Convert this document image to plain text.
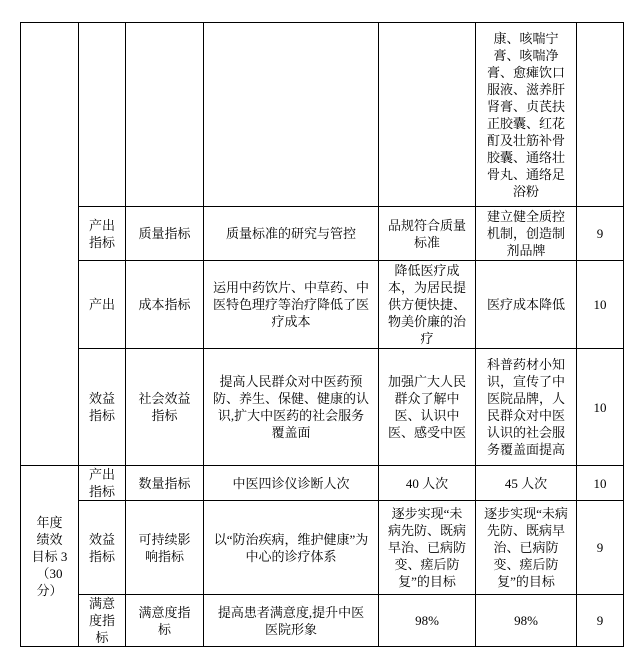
					康、咳喘宁膏、咳喘净膏、愈瘫饮口服液、滋养肝肾膏、贞芪扶正胶囊、红花酊及壮筋补骨胶囊、通络壮骨丸、通络足浴粉	
	产出指标	质量指标	质量标准的研究与管控	品规符合质量标准	建立健全质控机制，创造制剂品牌	9
	产出	成本指标	运用中药饮片、中草药、中医特色理疗等治疗降低了医疗成本	降低医疗成本，为居民提供方便快捷、物美价廉的治疗	医疗成本降低	10
	效益指标	社会效益指标	提高人民群众对中医药预防、养生、保健、健康的认识,扩大中医药的社会服务覆盖面	加强广大人民群众了解中医、认识中医、感受中医	科普药材小知识，宣传了中医院品牌，人民群众对中医认识的社会服务覆盖面提高	10
年度绩效目标 3（30分）	产出指标	数量指标	中医四诊仪诊断人次	40 人次	45 人次	10
	效益指标	可持续影响指标	以“防治疾病，维护健康”为中心的诊疗体系	逐步实现“未病先防、既病早治、已病防变、瘥后防复”的目标	逐步实现“未病先防、既病早治、已病防变、瘥后防复”的目标	9
	满意度指标	满意度指标	提高患者满意度,提升中医医院形象	98%	98%	9
